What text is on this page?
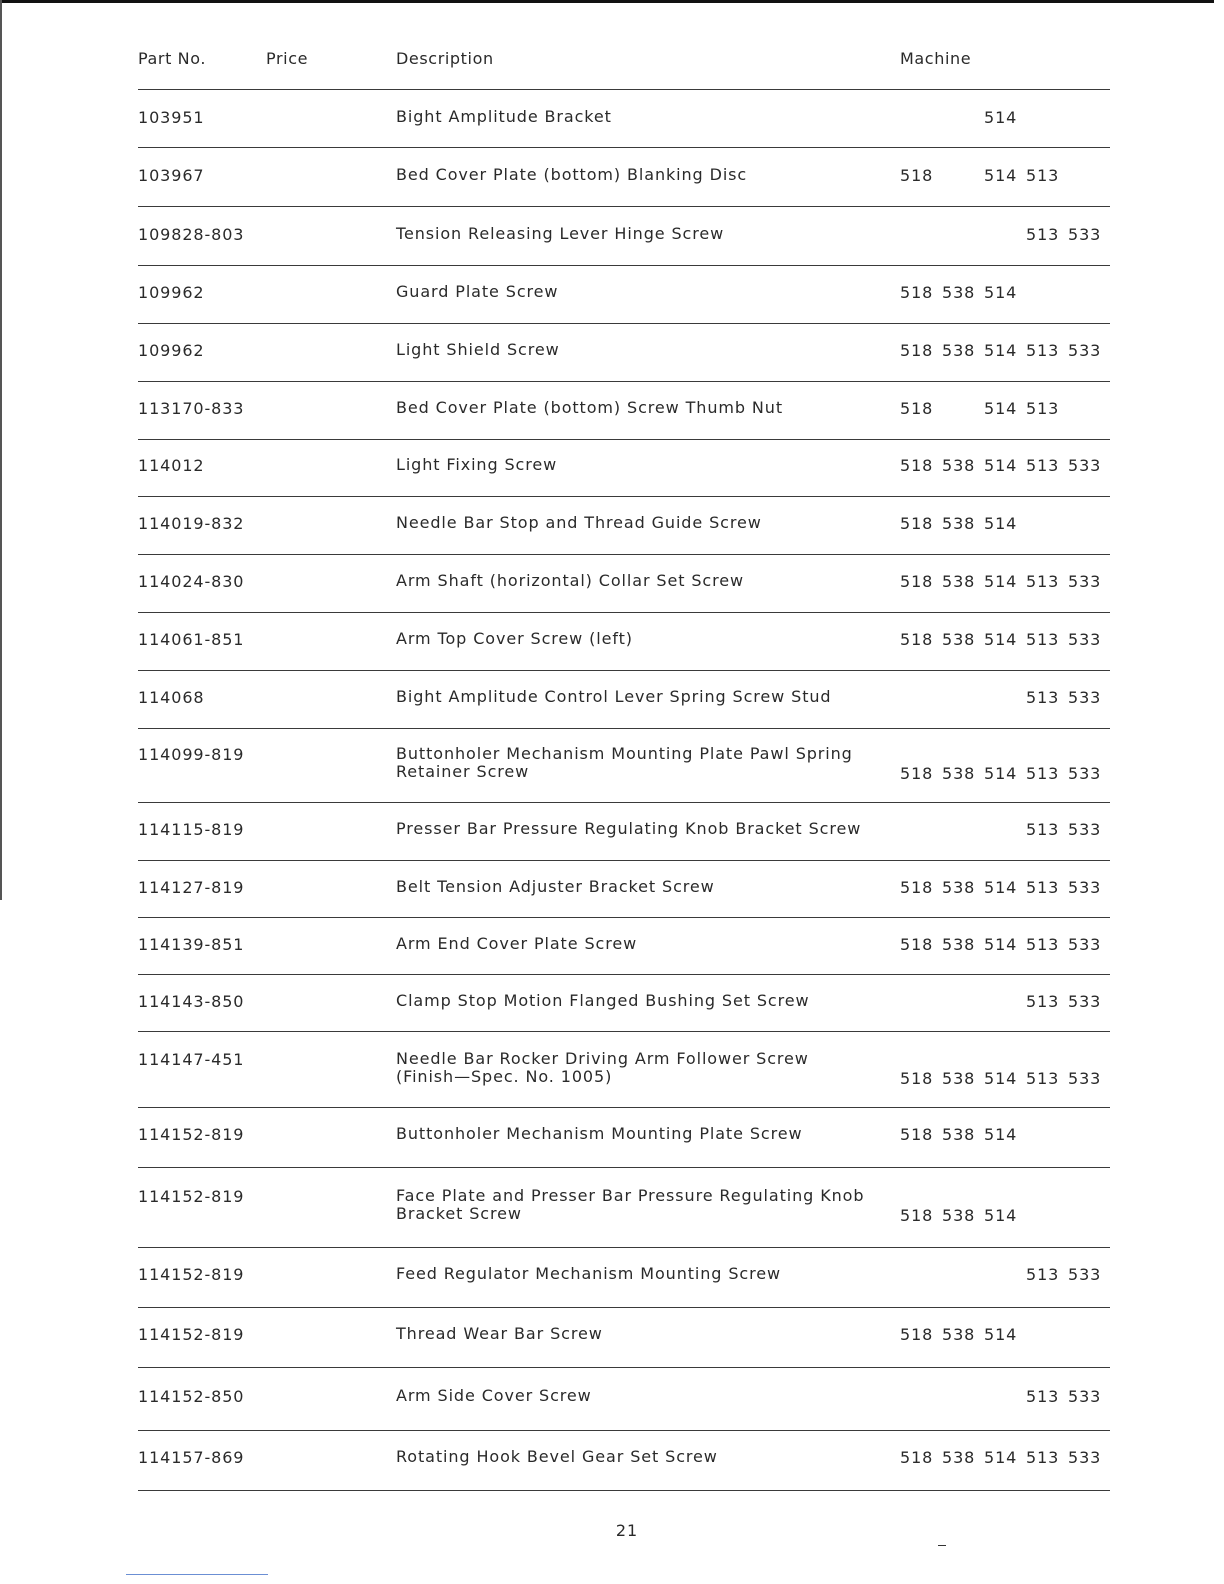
Part No.	Price	Description	Machine
103951	Bight Amplitude Bracket	514
103967	Bed Cover Plate (bottom) Blanking Disc	518	514 513
109828-803	Tension Releasing Lever Hinge Screw	513 533
109962	Guard Plate Screw	518 538 514
109962	Light Shield Screw	518 538 514 513 533
113170-833	Bed Cover Plate (bottom) Screw Thumb Nut	518	514 513
114012	Light Fixing Screw	518 538 514 513 533
114019-832	Needle Bar Stop and Thread Guide Screw	518 538 514
114024-830	Arm Shaft (horizontal) Collar Set Screw	518 538 514 513 533
114061-851	Arm Top Cover Screw (left)	518 538 514 513 533
114068	Bight Amplitude Control Lever Spring Screw Stud	513 533
114099-819	Buttonholer Mechanism Mounting Plate Pawl Spring Retainer Screw	518 538 514 513 533
114115-819	Presser Bar Pressure Regulating Knob Bracket Screw	513 533
114127-819	Belt Tension Adjuster Bracket Screw	518 538 514 513 533
114139-851	Arm End Cover Plate Screw	518 538 514 513 533
114143-850	Clamp Stop Motion Flanged Bushing Set Screw	513 533
114147-451	Needle Bar Rocker Driving Arm Follower Screw (Finish—Spec. No. 1005)	518 538 514 513 533
114152-819	Buttonholer Mechanism Mounting Plate Screw	518 538 514
114152-819	Face Plate and Presser Bar Pressure Regulating Knob Bracket Screw	518 538 514
114152-819	Feed Regulator Mechanism Mounting Screw	513 533
114152-819	Thread Wear Bar Screw	518 538 514
114152-850	Arm Side Cover Screw	513 533
114157-869	Rotating Hook Bevel Gear Set Screw	518 538 514 513 533
21
